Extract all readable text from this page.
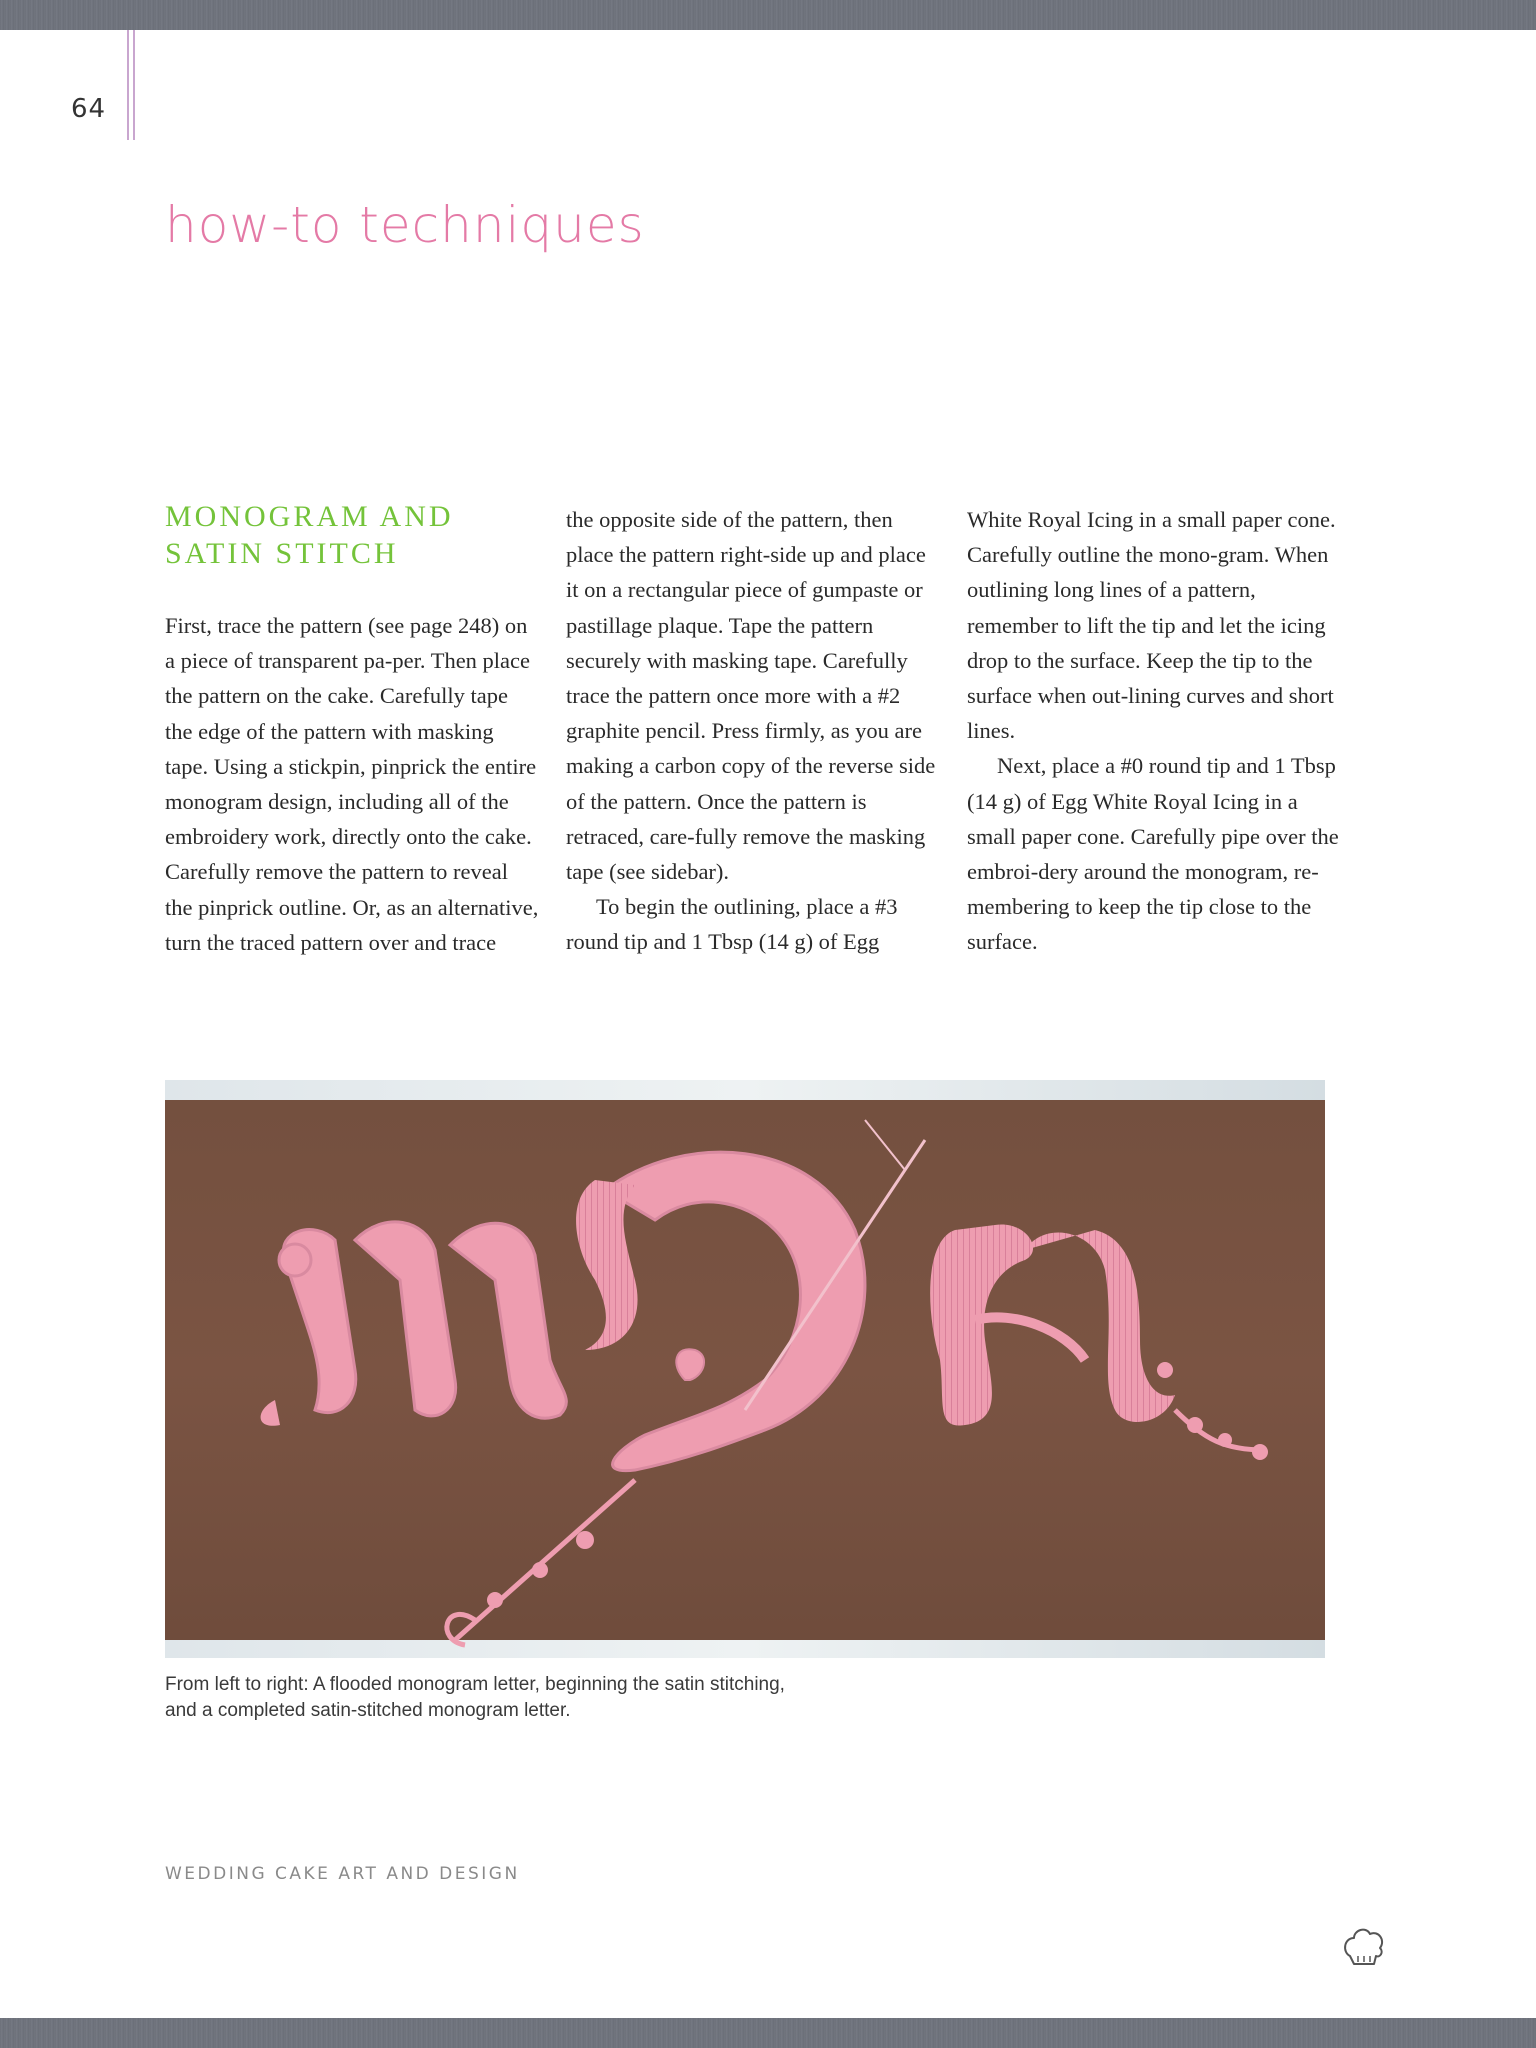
64
how-to techniques
MONOGRAM AND
SATIN STITCH

First, trace the pattern (see page 248) on a piece of transparent pa-per. Then place the pattern on the cake. Carefully tape the edge of the pattern with masking tape. Using a stickpin, pinprick the entire monogram design, including all of the embroidery work, directly onto the cake. Carefully remove the pattern to reveal the pinprick outline. Or, as an alternative, turn the traced pattern over and trace

the opposite side of the pattern, then place the pattern right-side up and place it on a rectangular piece of gumpaste or pastillage plaque. Tape the pattern securely with masking tape. Carefully trace the pattern once more with a #2 graphite pencil. Press firmly, as you are making a carbon copy of the reverse side of the pattern. Once the pattern is retraced, care-fully remove the masking tape (see sidebar).

To begin the outlining, place a #3 round tip and 1 Tbsp (14 g) of Egg

White Royal Icing in a small paper cone. Carefully outline the mono-gram. When outlining long lines of a pattern, remember to lift the tip and let the icing drop to the surface. Keep the tip to the surface when out-lining curves and short lines.

Next, place a #0 round tip and 1 Tbsp (14 g) of Egg White Royal Icing in a small paper cone. Carefully pipe over the embroi-dery around the monogram, re-membering to keep the tip close to the surface.

From left to right: A flooded monogram letter, beginning the satin stitching,
and a completed satin-stitched monogram letter.
WEDDING CAKE ART AND DESIGN
